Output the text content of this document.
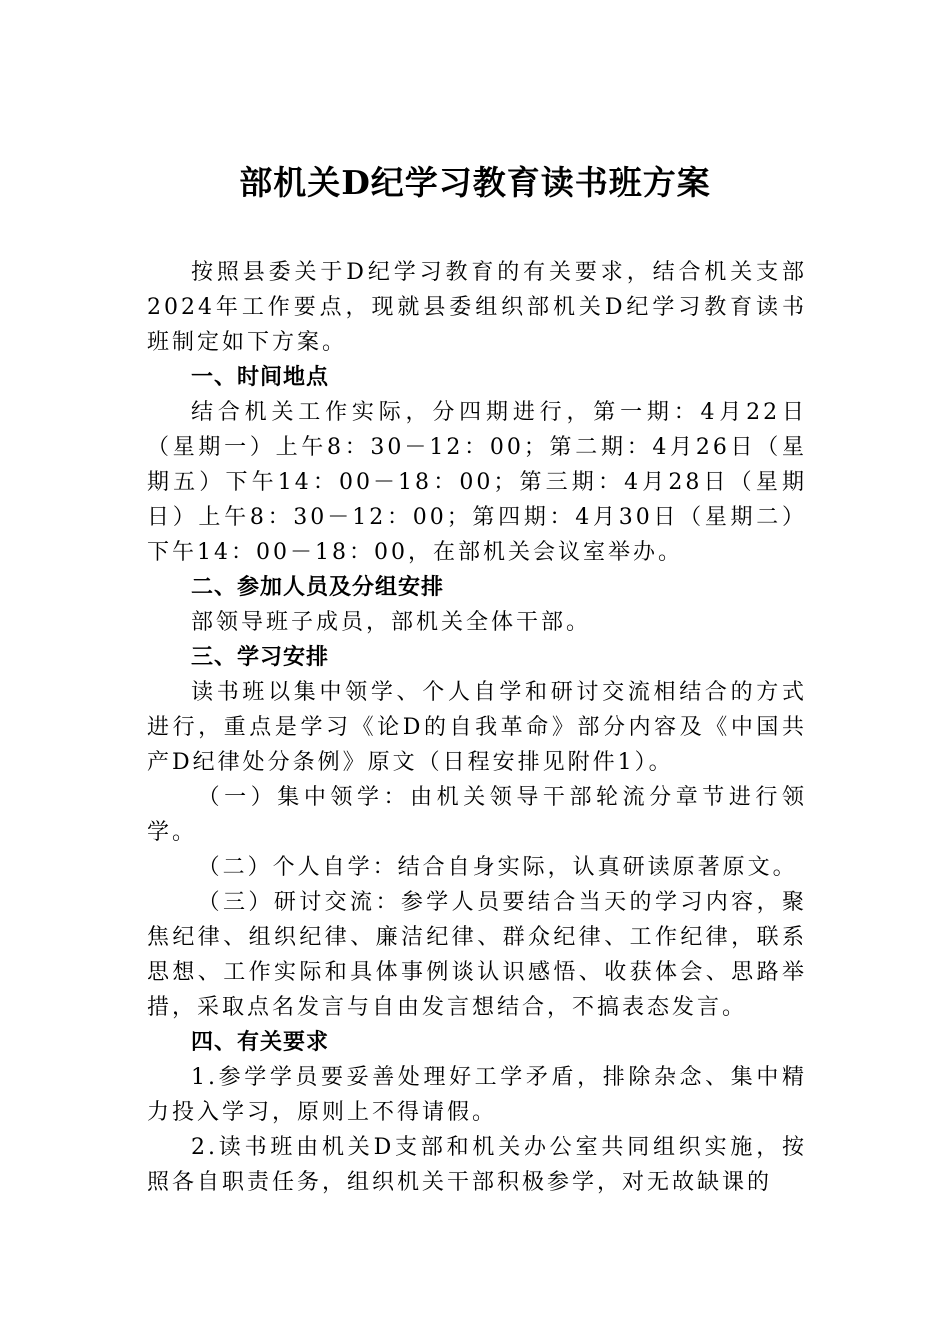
部机关D纪学习教育读书班方案

按照县委关于D纪学习教育的有关要求，结合机关支部2024年工作要点，现就县委组织部机关D纪学习教育读书班制定如下方案。

一、时间地点

结合机关工作实际，分四期进行，第一期：4月22日（星期一）上午8：30－12：00；第二期：4月26日（星期五）下午14：00－18：00；第三期：4月28日（星期日）上午8：30－12：00；第四期：4月30日（星期二）下午14：00－18：00，在部机关会议室举办。

二、参加人员及分组安排

部领导班子成员，部机关全体干部。

三、学习安排

读书班以集中领学、个人自学和研讨交流相结合的方式进行，重点是学习《论D的自我革命》部分内容及《中国共产D纪律处分条例》原文（日程安排见附件1）。

（一）集中领学：由机关领导干部轮流分章节进行领学。

（二）个人自学：结合自身实际，认真研读原著原文。

（三）研讨交流：参学人员要结合当天的学习内容，聚焦纪律、组织纪律、廉洁纪律、群众纪律、工作纪律，联系思想、工作实际和具体事例谈认识感悟、收获体会、思路举措，采取点名发言与自由发言想结合，不搞表态发言。

四、有关要求

1.参学学员要妥善处理好工学矛盾，排除杂念、集中精力投入学习，原则上不得请假。

2.读书班由机关D支部和机关办公室共同组织实施，按照各自职责任务，组织机关干部积极参学，对无故缺课的
